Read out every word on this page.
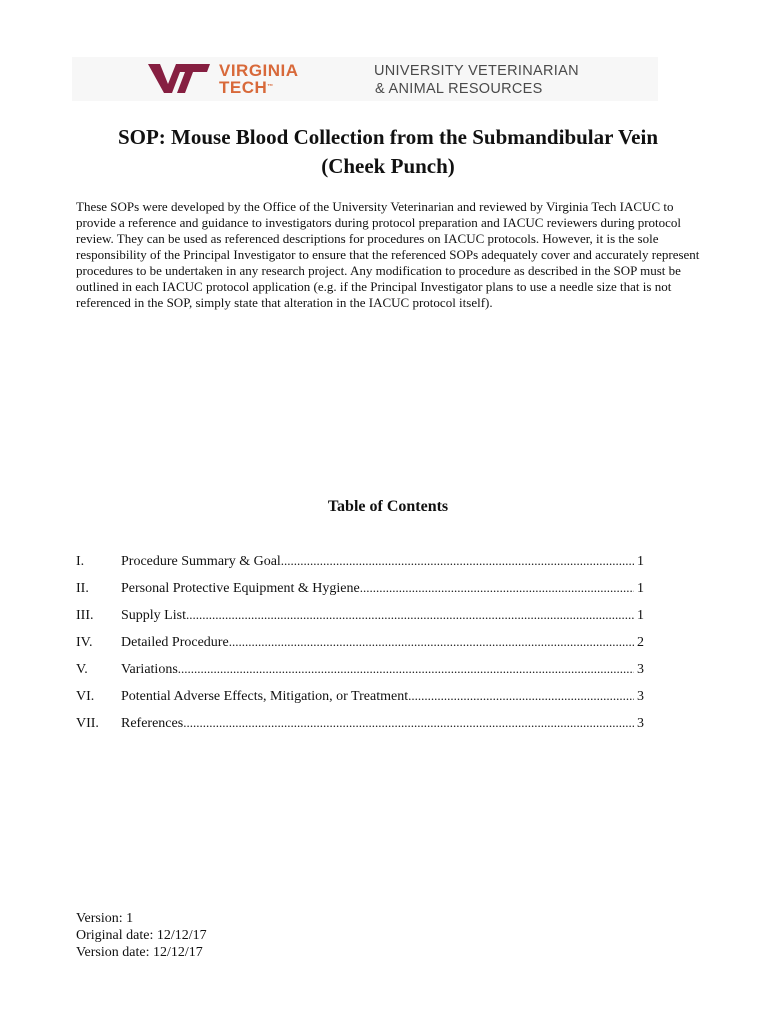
VIRGINIA
TECH™
UNIVERSITY VETERINARIAN
& ANIMAL RESOURCES
SOP: Mouse Blood Collection from the Submandibular Vein
(Cheek Punch)

These SOPs were developed by the Office of the University Veterinarian and reviewed by Virginia Tech IACUC to provide a reference and guidance to investigators during protocol preparation and IACUC reviewers during protocol review. They can be used as referenced descriptions for procedures on IACUC protocols. However, it is the sole responsibility of the Principal Investigator to ensure that the referenced SOPs adequately cover and accurately represent procedures to be undertaken in any research project. Any modification to procedure as described in the SOP must be outlined in each IACUC protocol application (e.g. if the Principal Investigator plans to use a needle size that is not referenced in the SOP, simply state that alteration in the IACUC protocol itself).

Table of Contents
I.	Procedure Summary & Goal .....	1
II.	Personal Protective Equipment & Hygiene .....	1
III.	Supply List .....	1
IV.	Detailed Procedure .....	2
V.	Variations .....	3
VI.	Potential Adverse Effects, Mitigation, or Treatment .....	3
VII.	References .....	3
Version: 1
Original date: 12/12/17
Version date: 12/12/17
